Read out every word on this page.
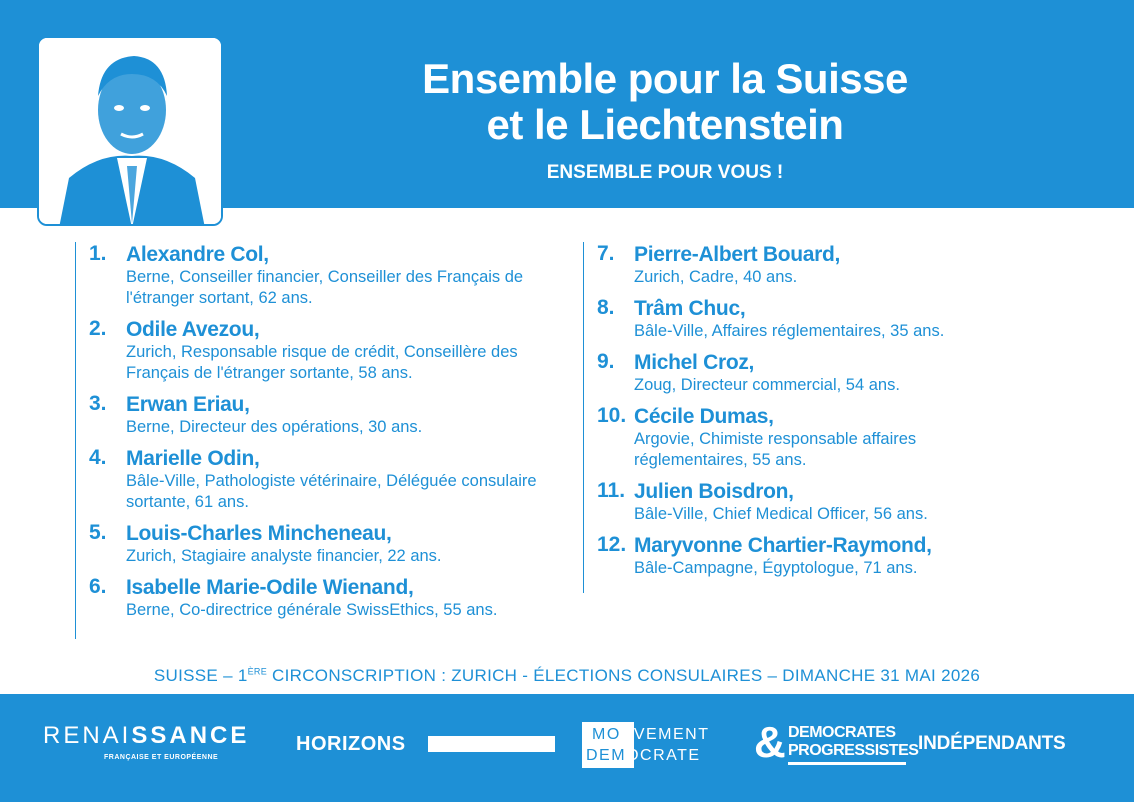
Ensemble pour la Suisse
et le Liechtenstein
ENSEMBLE POUR VOUS !
1. Alexandre Col,
Berne, Conseiller financier, Conseiller des Français de l'étranger sortant, 62 ans.
2. Odile Avezou,
Zurich, Responsable risque de crédit, Conseillère des Français de l'étranger sortante, 58 ans.
3. Erwan Eriau,
Berne, Directeur des opérations, 30 ans.
4. Marielle Odin,
Bâle-Ville, Pathologiste vétérinaire, Déléguée consulaire sortante, 61 ans.
5. Louis-Charles Mincheneau,
Zurich, Stagiaire analyste financier, 22 ans.
6. Isabelle Marie-Odile Wienand,
Berne, Co-directrice générale SwissEthics, 55 ans.
7. Pierre-Albert Bouard,
Zurich, Cadre, 40 ans.
8. Trâm Chuc,
Bâle-Ville, Affaires réglementaires, 35 ans.
9. Michel Croz,
Zoug, Directeur commercial, 54 ans.
10. Cécile Dumas,
Argovie, Chimiste responsable affaires réglementaires, 55 ans.
11. Julien Boisdron,
Bâle-Ville, Chief Medical Officer, 56 ans.
12. Maryvonne Chartier-Raymond,
Bâle-Campagne, Égyptologue, 71 ans.
SUISSE – 1ÈRE CIRCONSCRIPTION : ZURICH - ÉLECTIONS CONSULAIRES – DIMANCHE 31 MAI 2026
RENAISSANCE
FRANÇAISE ET EUROPÉENNE
HORIZONS	MOUVEMENT
DEMOCRATE & DEMOCRATES
PROGRESSISTES INDÉPENDANTS
